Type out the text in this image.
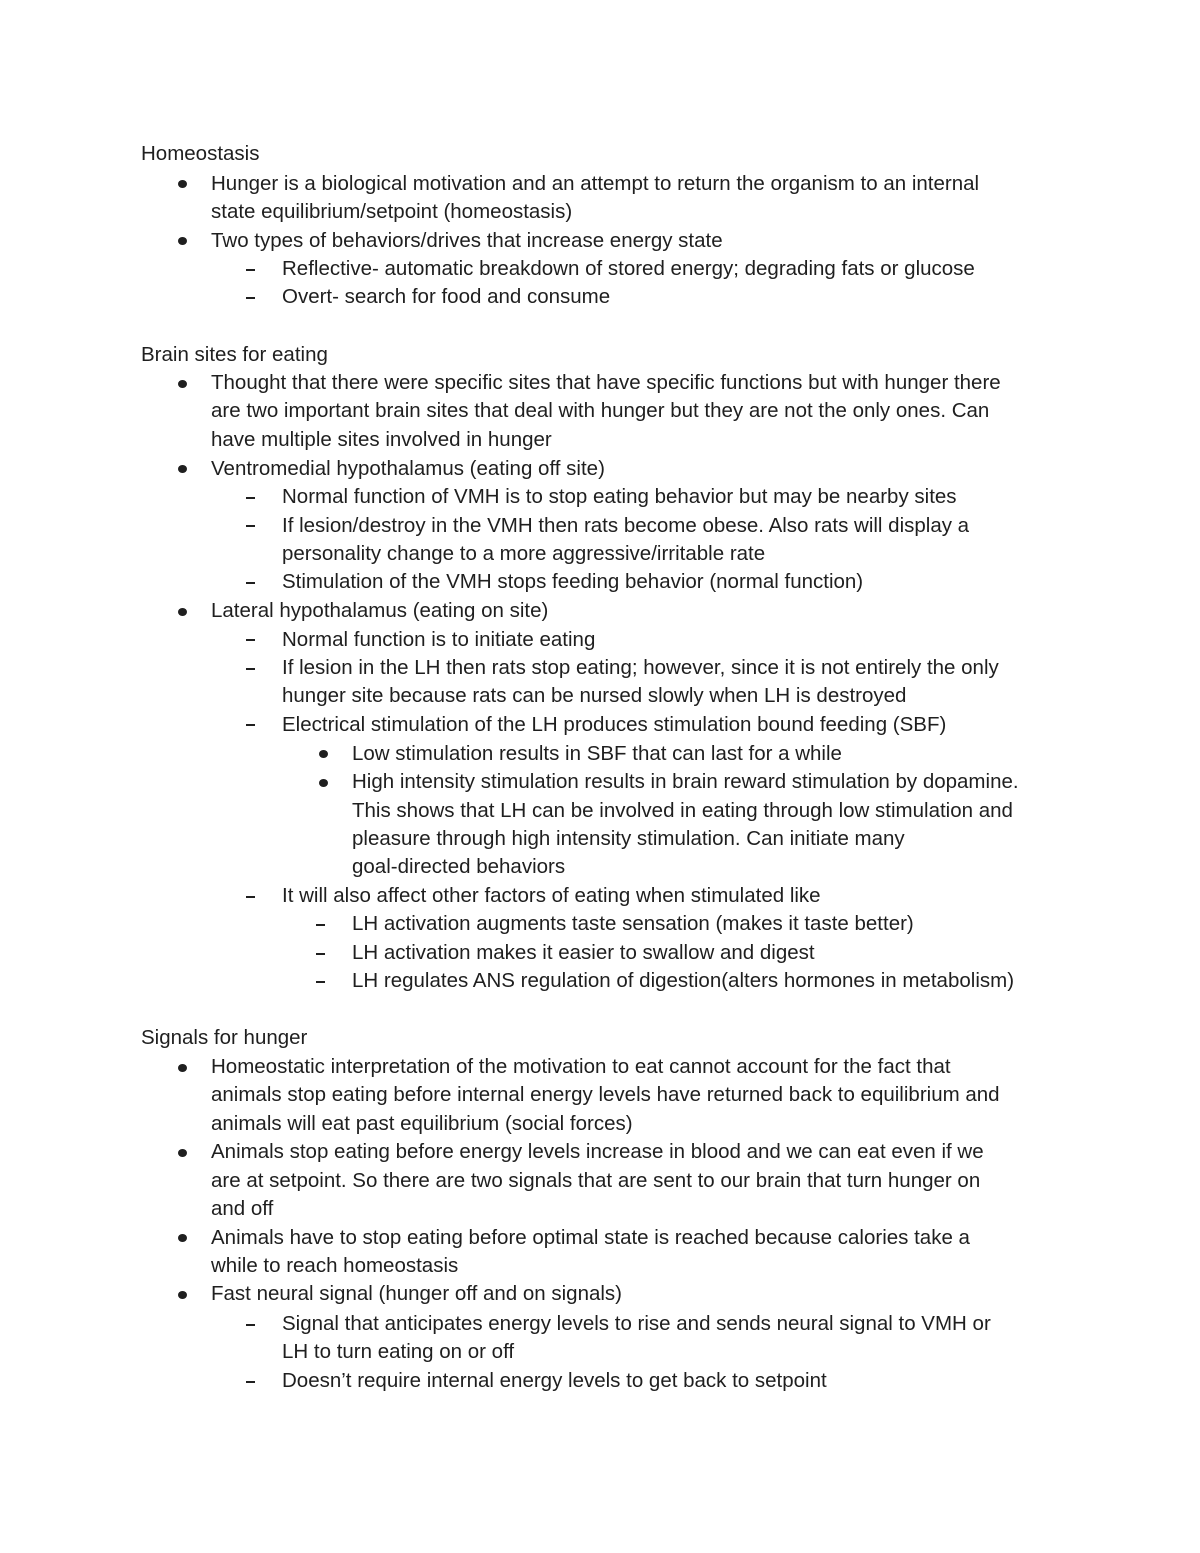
Homeostasis
Hunger is a biological motivation and an attempt to return the organism to an internal
state equilibrium/setpoint (homeostasis)
Two types of behaviors/drives that increase energy state
Reflective- automatic breakdown of stored energy; degrading fats or glucose
Overt- search for food and consume
Brain sites for eating
Thought that there were specific sites that have specific functions but with hunger there
are two important brain sites that deal with hunger but they are not the only ones. Can
have multiple sites involved in hunger
Ventromedial hypothalamus (eating off site)
Normal function of VMH is to stop eating behavior but may be nearby sites
If lesion/destroy in the VMH then rats become obese. Also rats will display a
personality change to a more aggressive/irritable rate
Stimulation of the VMH stops feeding behavior (normal function)
Lateral hypothalamus (eating on site)
Normal function is to initiate eating
If lesion in the LH then rats stop eating; however, since it is not entirely the only
hunger site because rats can be nursed slowly when LH is destroyed
Electrical stimulation of the LH produces stimulation bound feeding (SBF)
Low stimulation results in SBF that can last for a while
High intensity stimulation results in brain reward stimulation by dopamine.
This shows that LH can be involved in eating through low stimulation and
pleasure through high intensity stimulation. Can initiate many
goal-directed behaviors
It will also affect other factors of eating when stimulated like
LH activation augments taste sensation (makes it taste better)
LH activation makes it easier to swallow and digest
LH regulates ANS regulation of digestion(alters hormones in metabolism)
Signals for hunger
Homeostatic interpretation of the motivation to eat cannot account for the fact that
animals stop eating before internal energy levels have returned back to equilibrium and
animals will eat past equilibrium (social forces)
Animals stop eating before energy levels increase in blood and we can eat even if we
are at setpoint. So there are two signals that are sent to our brain that turn hunger on
and off
Animals have to stop eating before optimal state is reached because calories take a
while to reach homeostasis
Fast neural signal (hunger off and on signals)
Signal that anticipates energy levels to rise and sends neural signal to VMH or
LH to turn eating on or off
Doesn’t require internal energy levels to get back to setpoint
